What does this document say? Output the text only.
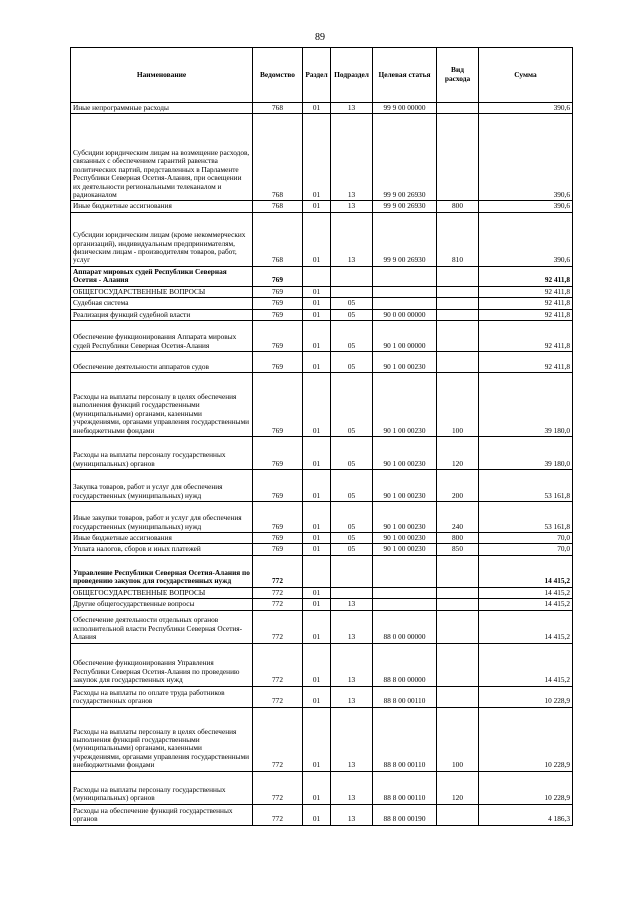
89
Наименование	Ведомство	Раздел	Подраздел	Целевая статья	Вид расхода	Сумма
Иные непрограммные расходы	768	01	13	99 9 00 00000		390,6
Субсидии юридическим лицам на возмещение расходов, связанных с обеспечением гарантий равенства политических партий, представленных в Парламенте Республики Северная Осетия-Алания, при освещении их деятельности региональными телеканалом и радиоканалом	768	01	13	99 9 00 26930		390,6
Иные бюджетные ассигнования	768	01	13	99 9 00 26930	800	390,6
Субсидии юридическим лицам (кроме некоммерческих организаций), индивидуальным предпринимателям, физическим лицам - производителям товаров, работ, услуг	768	01	13	99 9 00 26930	810	390,6
Аппарат мировых судей Республики Северная Осетия - Алания	769					92 411,8
ОБЩЕГОСУДАРСТВЕННЫЕ ВОПРОСЫ	769	01				92 411,8
Судебная система	769	01	05			92 411,8
Реализация функций судебной власти	769	01	05	90 0 00 00000		92 411,8
Обеспечение функционирования Аппарата мировых судей Республики Северная Осетия-Алания	769	01	05	90 1 00 00000		92 411,8
Обеспечение деятельности аппаратов судов	769	01	05	90 1 00 00230		92 411,8
Расходы на выплаты персоналу в целях обеспечения выполнения функций государственными (муниципальными) органами, казенными учреждениями, органами управления государственными внебюджетными фондами	769	01	05	90 1 00 00230	100	39 180,0
Расходы на выплаты персоналу государственных (муниципальных) органов	769	01	05	90 1 00 00230	120	39 180,0
Закупка товаров, работ и услуг для обеспечения государственных (муниципальных) нужд	769	01	05	90 1 00 00230	200	53 161,8
Иные закупки товаров, работ и услуг для обеспечения государственных (муниципальных) нужд	769	01	05	90 1 00 00230	240	53 161,8
Иные бюджетные ассигнования	769	01	05	90 1 00 00230	800	70,0
Уплата налогов, сборов и иных платежей	769	01	05	90 1 00 00230	850	70,0
Управление Республики Северная Осетия-Алания по проведению закупок для государственных нужд	772					14 415,2
ОБЩЕГОСУДАРСТВЕННЫЕ ВОПРОСЫ	772	01				14 415,2
Другие общегосударственные вопросы	772	01	13			14 415,2
Обеспечение деятельности отдельных органов исполнительной власти Республики Северная Осетия-Алания	772	01	13	88 0 00 00000		14 415,2
Обеспечение функционирования Управления Республики Северная Осетия-Алания по проведению закупок для государственных нужд	772	01	13	88 8 00 00000		14 415,2
Расходы на выплаты по оплате труда работников государственных органов	772	01	13	88 8 00 00110		10 228,9
Расходы на выплаты персоналу в целях обеспечения выполнения функций государственными (муниципальными) органами, казенными учреждениями, органами управления государственными внебюджетными фондами	772	01	13	88 8 00 00110	100	10 228,9
Расходы на выплаты персоналу государственных (муниципальных) органов	772	01	13	88 8 00 00110	120	10 228,9
Расходы на обеспечение функций государственных органов	772	01	13	88 8 00 00190		4 186,3
